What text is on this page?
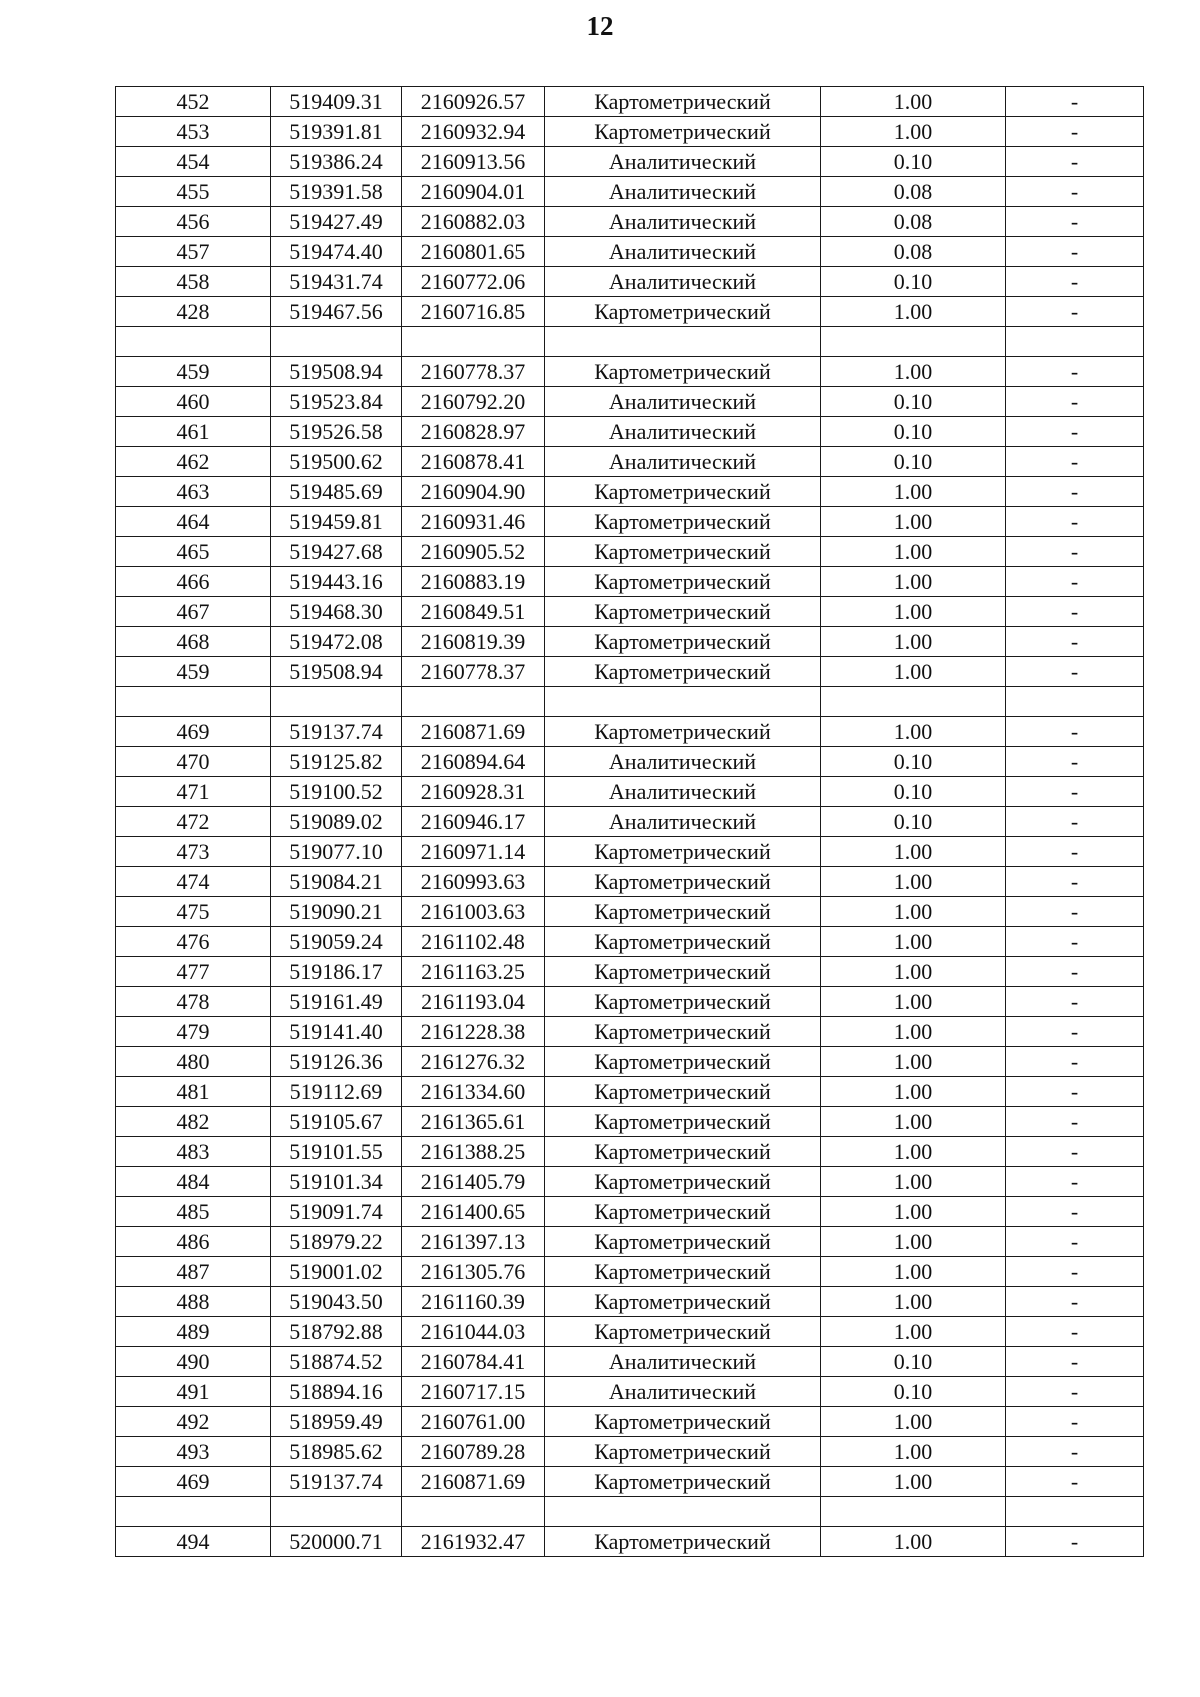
12
452	519409.31	2160926.57	Картометрический	1.00	-
453	519391.81	2160932.94	Картометрический	1.00	-
454	519386.24	2160913.56	Аналитический	0.10	-
455	519391.58	2160904.01	Аналитический	0.08	-
456	519427.49	2160882.03	Аналитический	0.08	-
457	519474.40	2160801.65	Аналитический	0.08	-
458	519431.74	2160772.06	Аналитический	0.10	-
428	519467.56	2160716.85	Картометрический	1.00	-

459	519508.94	2160778.37	Картометрический	1.00	-
460	519523.84	2160792.20	Аналитический	0.10	-
461	519526.58	2160828.97	Аналитический	0.10	-
462	519500.62	2160878.41	Аналитический	0.10	-
463	519485.69	2160904.90	Картометрический	1.00	-
464	519459.81	2160931.46	Картометрический	1.00	-
465	519427.68	2160905.52	Картометрический	1.00	-
466	519443.16	2160883.19	Картометрический	1.00	-
467	519468.30	2160849.51	Картометрический	1.00	-
468	519472.08	2160819.39	Картометрический	1.00	-
459	519508.94	2160778.37	Картометрический	1.00	-

469	519137.74	2160871.69	Картометрический	1.00	-
470	519125.82	2160894.64	Аналитический	0.10	-
471	519100.52	2160928.31	Аналитический	0.10	-
472	519089.02	2160946.17	Аналитический	0.10	-
473	519077.10	2160971.14	Картометрический	1.00	-
474	519084.21	2160993.63	Картометрический	1.00	-
475	519090.21	2161003.63	Картометрический	1.00	-
476	519059.24	2161102.48	Картометрический	1.00	-
477	519186.17	2161163.25	Картометрический	1.00	-
478	519161.49	2161193.04	Картометрический	1.00	-
479	519141.40	2161228.38	Картометрический	1.00	-
480	519126.36	2161276.32	Картометрический	1.00	-
481	519112.69	2161334.60	Картометрический	1.00	-
482	519105.67	2161365.61	Картометрический	1.00	-
483	519101.55	2161388.25	Картометрический	1.00	-
484	519101.34	2161405.79	Картометрический	1.00	-
485	519091.74	2161400.65	Картометрический	1.00	-
486	518979.22	2161397.13	Картометрический	1.00	-
487	519001.02	2161305.76	Картометрический	1.00	-
488	519043.50	2161160.39	Картометрический	1.00	-
489	518792.88	2161044.03	Картометрический	1.00	-
490	518874.52	2160784.41	Аналитический	0.10	-
491	518894.16	2160717.15	Аналитический	0.10	-
492	518959.49	2160761.00	Картометрический	1.00	-
493	518985.62	2160789.28	Картометрический	1.00	-
469	519137.74	2160871.69	Картометрический	1.00	-

494	520000.71	2161932.47	Картометрический	1.00	-
